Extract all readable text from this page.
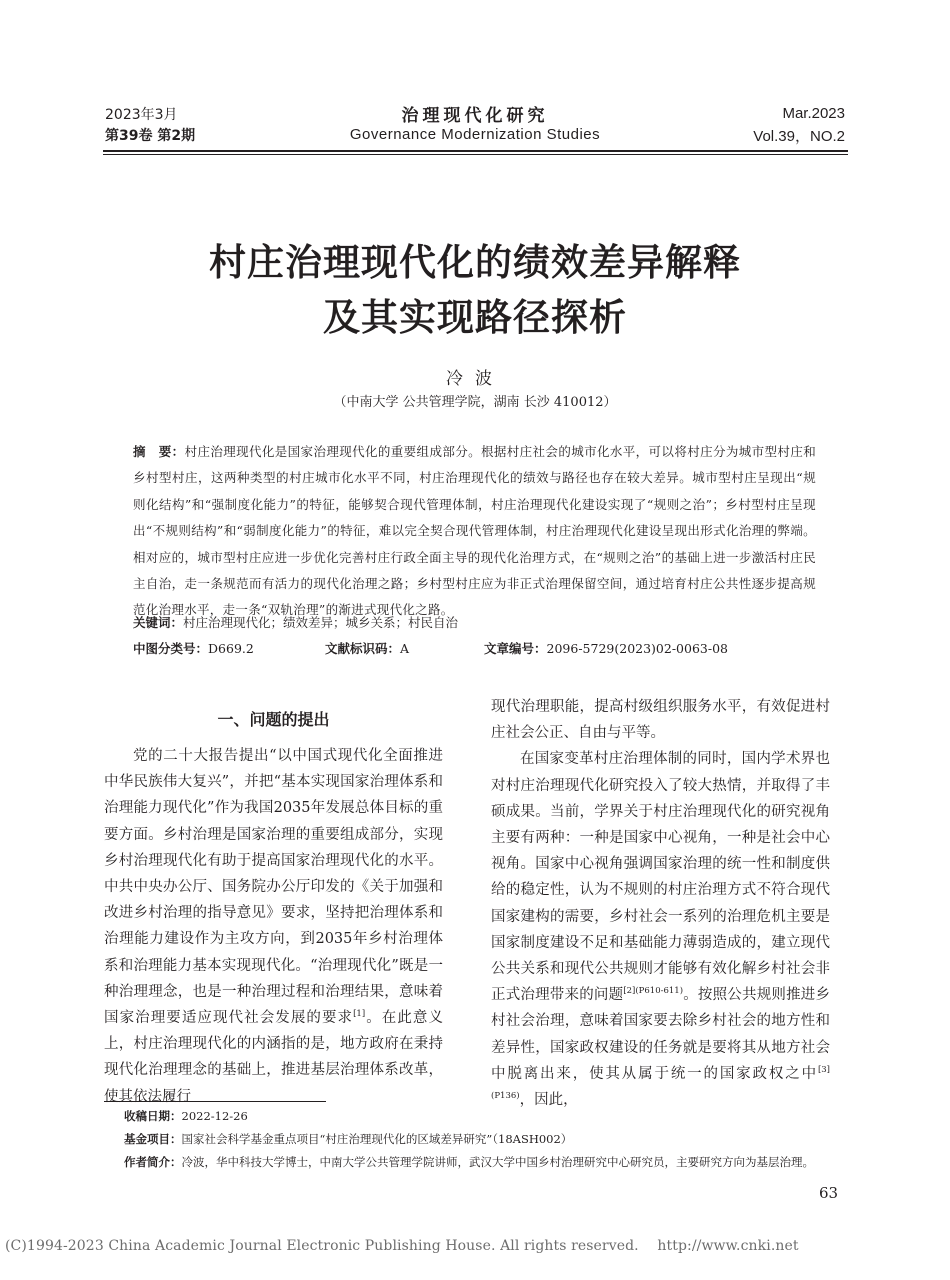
2023年3月
第39卷 第2期
治理现代化研究
Governance Modernization Studies
Mar.2023
Vol.39，NO.2
村庄治理现代化的绩效差异解释
及其实现路径探析
冷波
（中南大学 公共管理学院，湖南 长沙 410012）
摘　要：村庄治理现代化是国家治理现代化的重要组成部分。根据村庄社会的城市化水平，可以将村庄分为城市型村庄和乡村型村庄，这两种类型的村庄城市化水平不同，村庄治理现代化的绩效与路径也存在较大差异。城市型村庄呈现出“规则化结构”和“强制度化能力”的特征，能够契合现代管理体制，村庄治理现代化建设实现了“规则之治”；乡村型村庄呈现出“不规则结构”和“弱制度化能力”的特征，难以完全契合现代管理体制，村庄治理现代化建设呈现出形式化治理的弊端。相对应的，城市型村庄应进一步优化完善村庄行政全面主导的现代化治理方式，在“规则之治”的基础上进一步激活村庄民主自治，走一条规范而有活力的现代化治理之路；乡村型村庄应为非正式治理保留空间，通过培育村庄公共性逐步提高规范化治理水平，走一条“双轨治理”的渐进式现代化之路。
关键词：村庄治理现代化；绩效差异；城乡关系；村民自治
中图分类号：D669.2	文献标识码：A	文章编号：2096-5729(2023)02-0063-08
一、问题的提出
党的二十大报告提出“以中国式现代化全面推进中华民族伟大复兴”，并把“基本实现国家治理体系和治理能力现代化”作为我国2035年发展总体目标的重要方面。乡村治理是国家治理的重要组成部分，实现乡村治理现代化有助于提高国家治理现代化的水平。中共中央办公厅、国务院办公厅印发的《关于加强和改进乡村治理的指导意见》要求，坚持把治理体系和治理能力建设作为主攻方向，到2035年乡村治理体系和治理能力基本实现现代化。“治理现代化”既是一种治理理念，也是一种治理过程和治理结果，意味着国家治理要适应现代社会发展的要求[1]。在此意义上，村庄治理现代化的内涵指的是，地方政府在秉持现代化治理理念的基础上，推进基层治理体系改革，使其依法履行
现代治理职能，提高村级组织服务水平，有效促进村庄社会公正、自由与平等。
在国家变革村庄治理体制的同时，国内学术界也对村庄治理现代化研究投入了较大热情，并取得了丰硕成果。当前，学界关于村庄治理现代化的研究视角主要有两种：一种是国家中心视角，一种是社会中心视角。国家中心视角强调国家治理的统一性和制度供给的稳定性，认为不规则的村庄治理方式不符合现代国家建构的需要，乡村社会一系列的治理危机主要是国家制度建设不足和基础能力薄弱造成的，建立现代公共关系和现代公共规则才能够有效化解乡村社会非正式治理带来的问题$^{[2](P610-611)}$。按照公共规则推进乡村社会治理，意味着国家要去除乡村社会的地方性和差异性，国家政权建设的任务就是要将其从地方社会中脱离出来，使其从属于统一的国家政权之中$^{[3](P136)}$，因此，
收稿日期：2022-12-26
基金项目：国家社会科学基金重点项目“村庄治理现代化的区域差异研究”（18ASH002）
作者简介：冷波，华中科技大学博士，中南大学公共管理学院讲师，武汉大学中国乡村治理研究中心研究员，主要研究方向为基层治理。
63
(C)1994-2023 China Academic Journal Electronic Publishing House. All rights reserved.　 http://www.cnki.net
